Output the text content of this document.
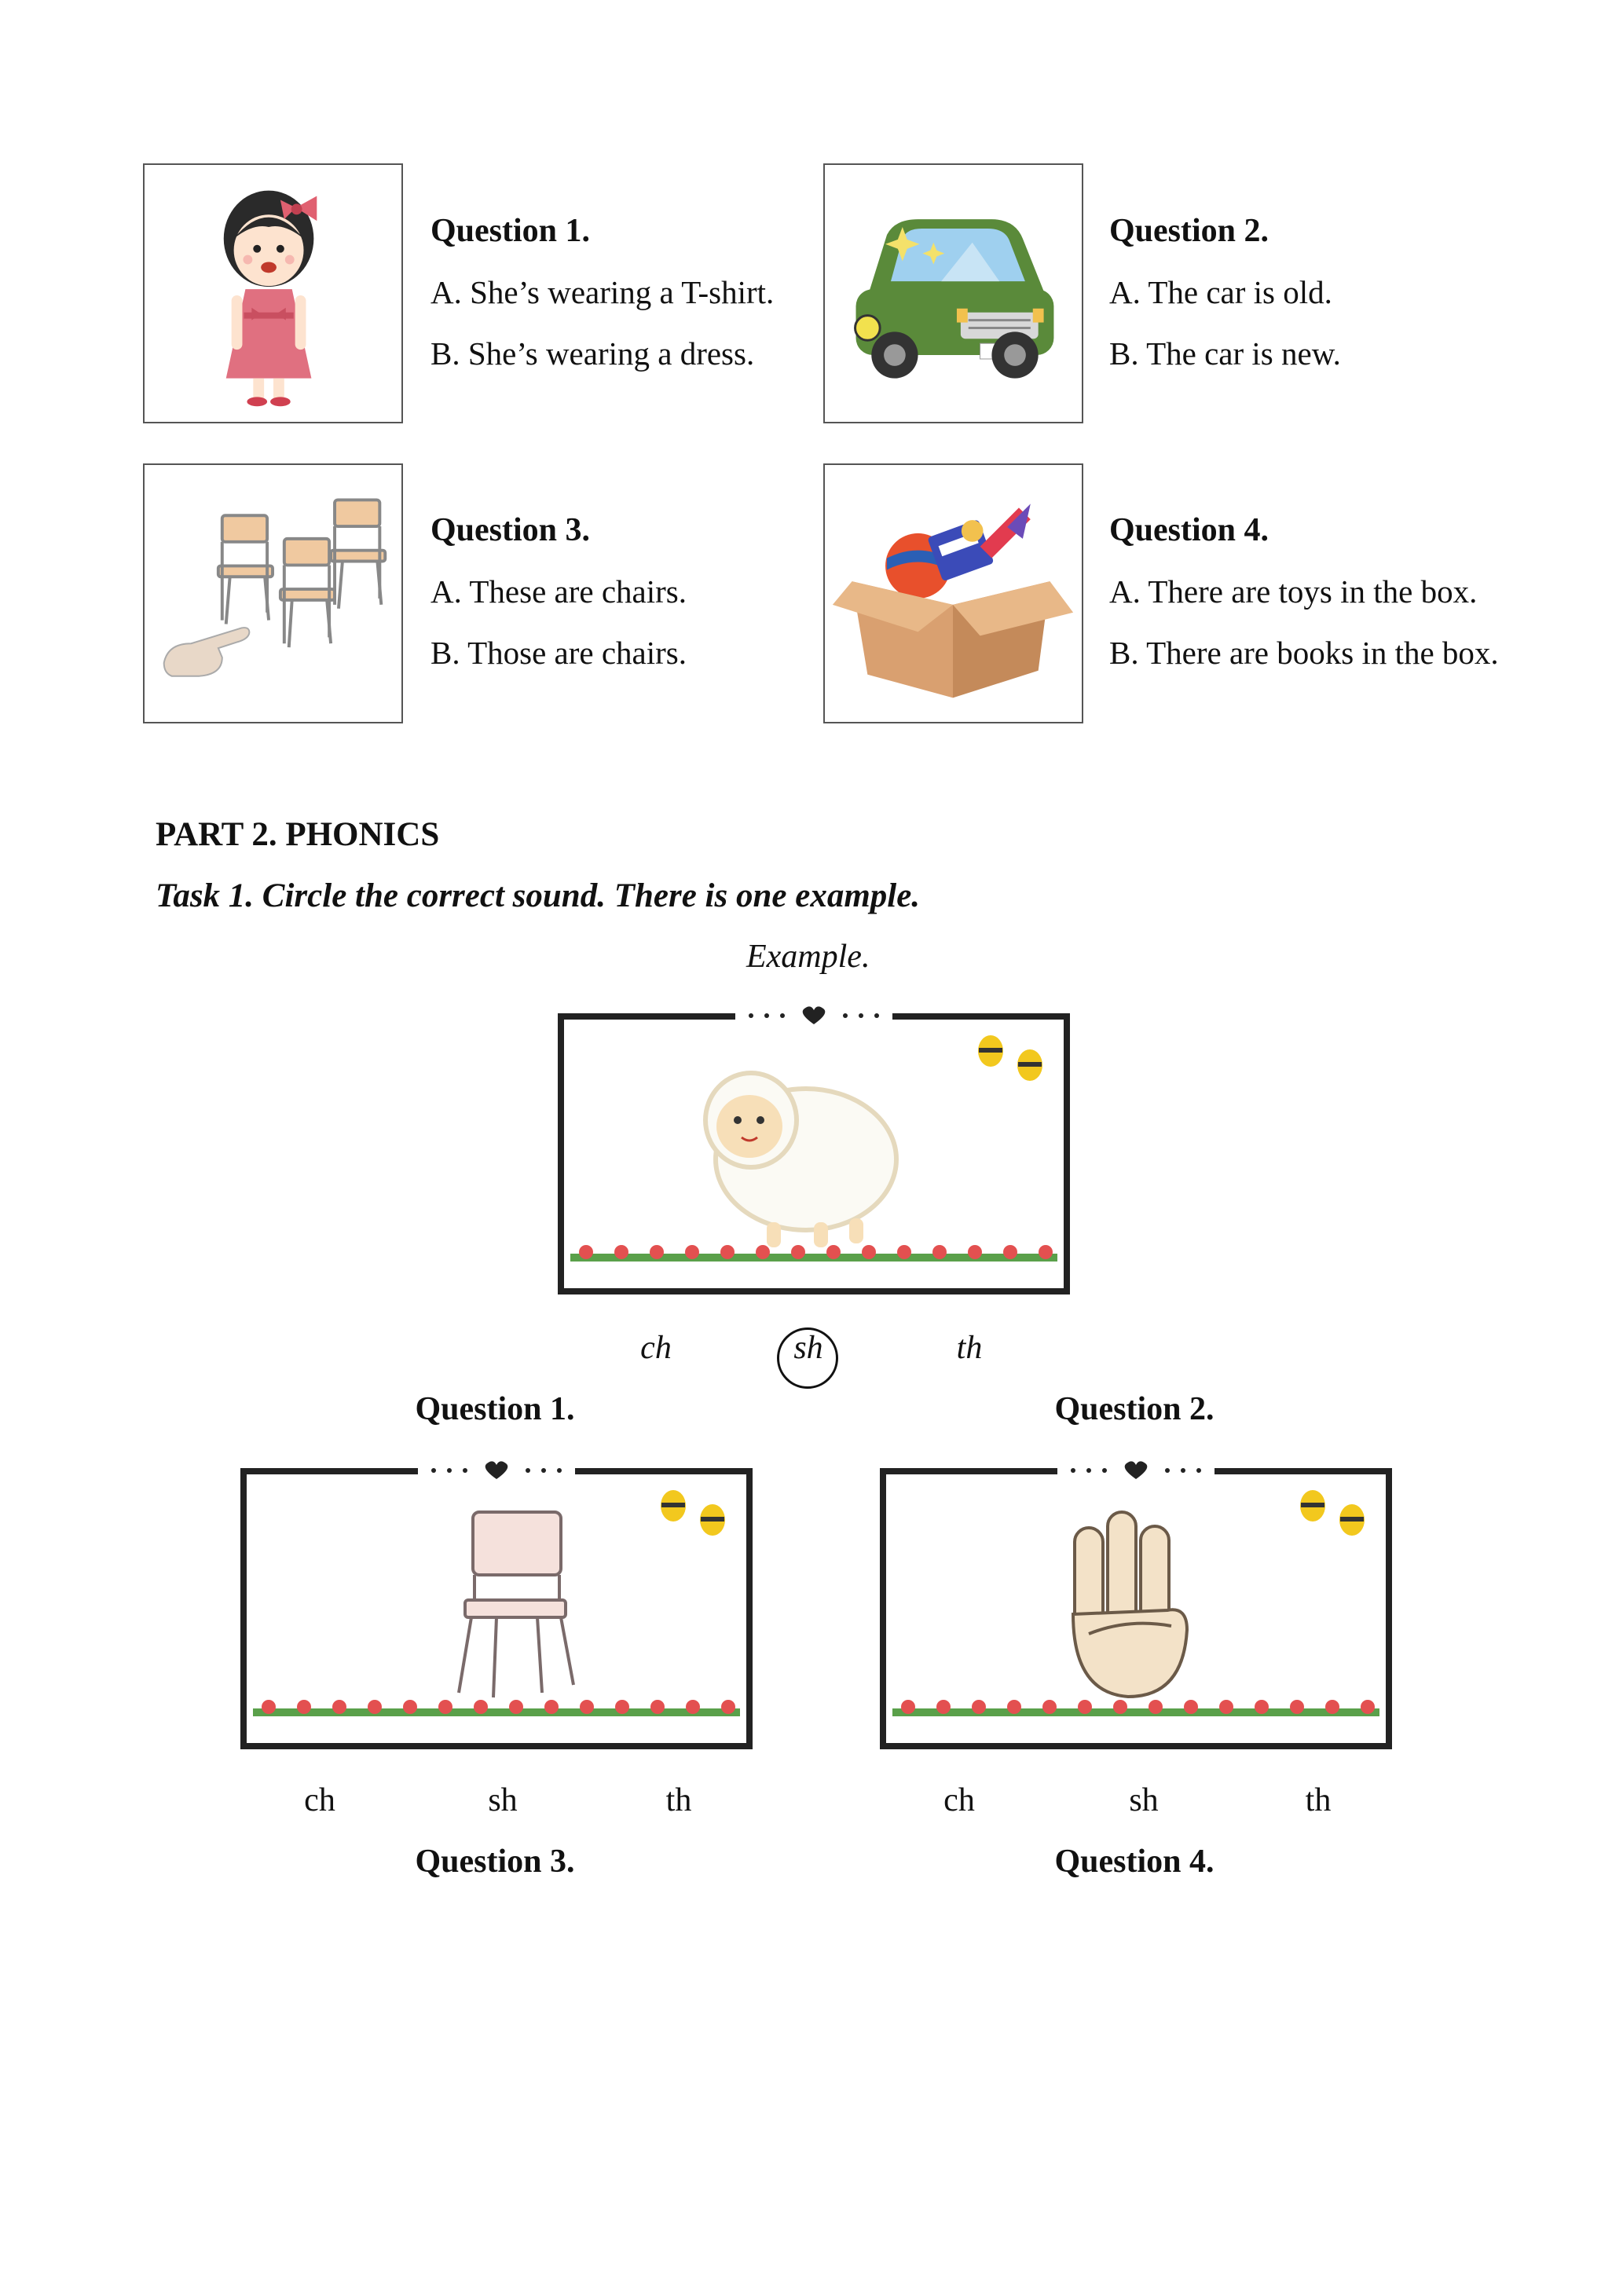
Question 1.
A. She’s wearing a T-shirt.
B. She’s wearing a dress.
Question 2.
A. The car is old.
B. The car is new.
Question 3.
A. These are chairs.
B. Those are chairs.
Question 4.
A. There are toys in the box.
B. There are books in the box.
PART 2. PHONICS
Task 1. Circle the correct sound. There is one example.
Example.
ch	sh	th
Question 1.	Question 2.
ch	sh	th	ch	sh	th
Question 3.	Question 4.
